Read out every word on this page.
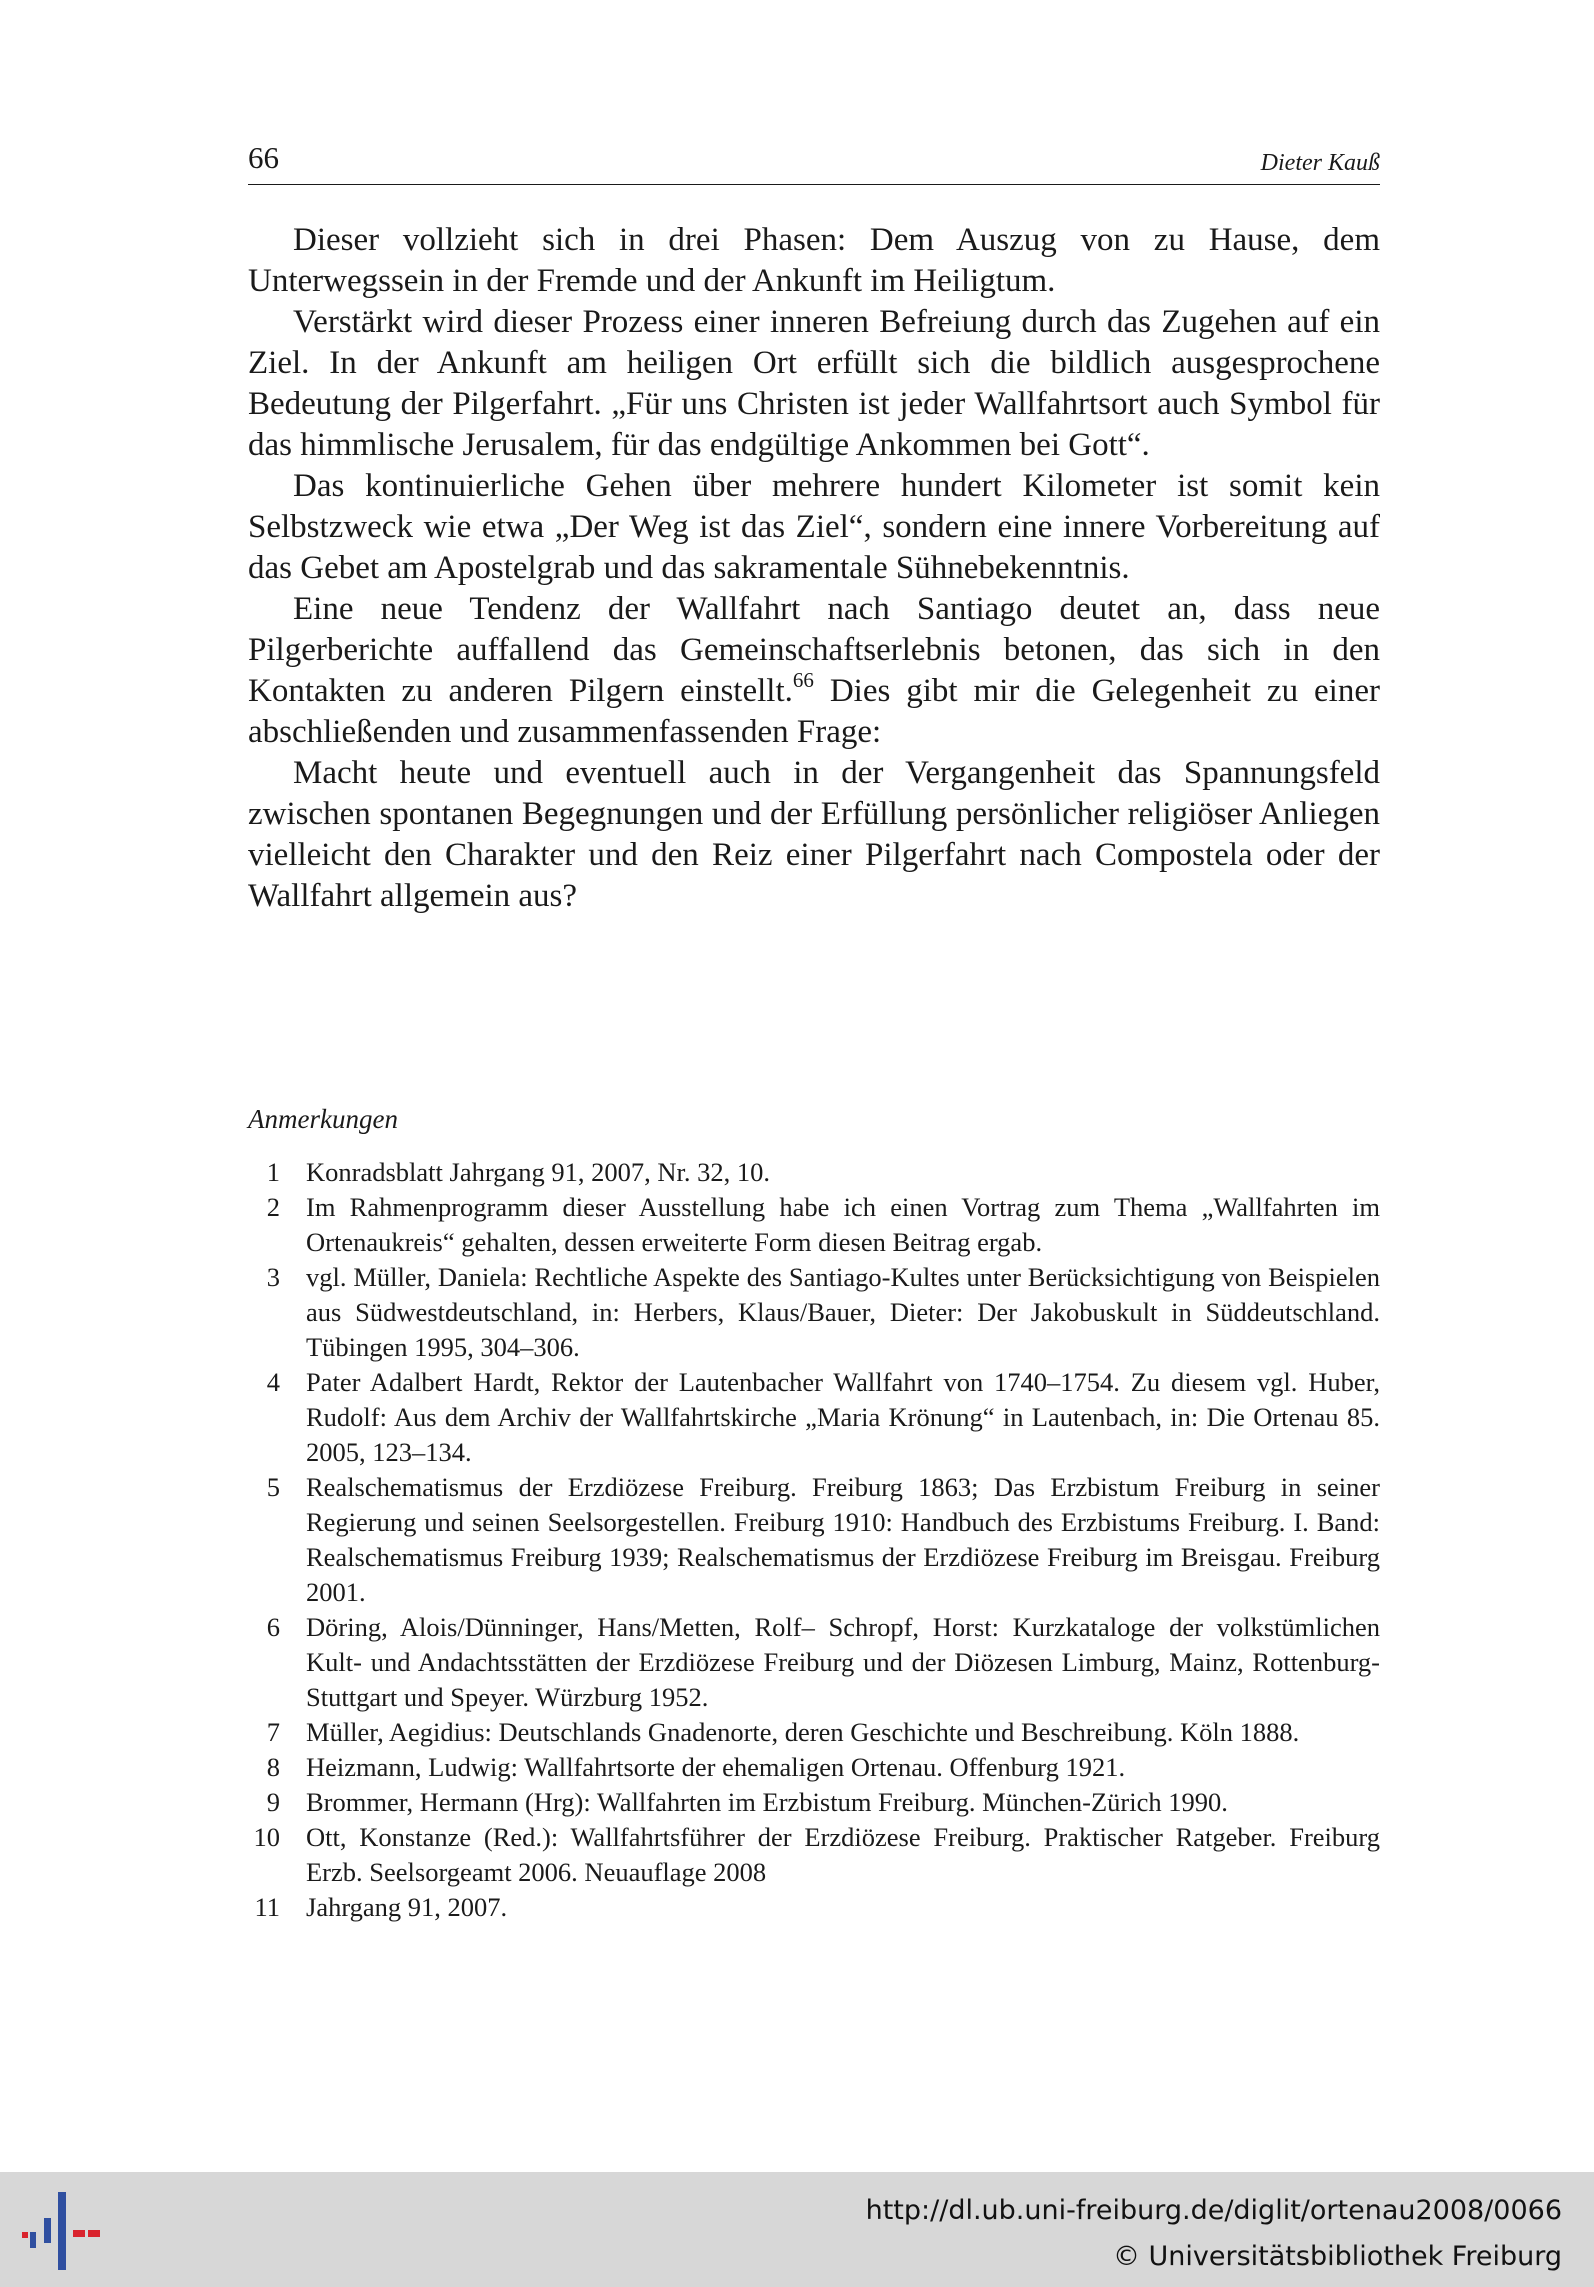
66	Dieter Kauß

Dieser vollzieht sich in drei Phasen: Dem Auszug von zu Hause, dem Unterwegssein in der Fremde und der Ankunft im Heiligtum.

Verstärkt wird dieser Prozess einer inneren Befreiung durch das Zugehen auf ein Ziel. In der Ankunft am heiligen Ort erfüllt sich die bildlich ausgesprochene Bedeutung der Pilgerfahrt. „Für uns Christen ist jeder Wallfahrtsort auch Symbol für das himmlische Jerusalem, für das endgültige Ankommen bei Gott“.

Das kontinuierliche Gehen über mehrere hundert Kilometer ist somit kein Selbstzweck wie etwa „Der Weg ist das Ziel“, sondern eine innere Vorbereitung auf das Gebet am Apostelgrab und das sakramentale Sühnebekenntnis.

Eine neue Tendenz der Wallfahrt nach Santiago deutet an, dass neue Pilgerberichte auffallend das Gemeinschaftserlebnis betonen, das sich in den Kontakten zu anderen Pilgern einstellt.$^{66}$ Dies gibt mir die Gelegenheit zu einer abschließenden und zusammenfassenden Frage:

Macht heute und eventuell auch in der Vergangenheit das Spannungsfeld zwischen spontanen Begegnungen und der Erfüllung persönlicher religiöser Anliegen vielleicht den Charakter und den Reiz einer Pilgerfahrt nach Compostela oder der Wallfahrt allgemein aus?

Anmerkungen
1 Konradsblatt Jahrgang 91, 2007, Nr. 32, 10.
2 Im Rahmenprogramm dieser Ausstellung habe ich einen Vortrag zum Thema „Wallfahrten im Ortenaukreis“ gehalten, dessen erweiterte Form diesen Beitrag ergab.
3 vgl. Müller, Daniela: Rechtliche Aspekte des Santiago-Kultes unter Berücksichtigung von Beispielen aus Südwestdeutschland, in: Herbers, Klaus/Bauer, Dieter: Der Jakobuskult in Süddeutschland. Tübingen 1995, 304–306.
4 Pater Adalbert Hardt, Rektor der Lautenbacher Wallfahrt von 1740–1754. Zu diesem vgl. Huber, Rudolf: Aus dem Archiv der Wallfahrtskirche „Maria Krönung“ in Lautenbach, in: Die Ortenau 85. 2005, 123–134.
5 Realschematismus der Erzdiözese Freiburg. Freiburg 1863; Das Erzbistum Freiburg in seiner Regierung und seinen Seelsorgestellen. Freiburg 1910: Handbuch des Erzbistums Freiburg. I. Band: Realschematismus Freiburg 1939; Realschematismus der Erzdiözese Freiburg im Breisgau. Freiburg 2001.
6 Döring, Alois/Dünninger, Hans/Metten, Rolf– Schropf, Horst: Kurzkataloge der volkstümlichen Kult- und Andachtsstätten der Erzdiözese Freiburg und der Diözesen Limburg, Mainz, Rottenburg-Stuttgart und Speyer. Würzburg 1952.
7 Müller, Aegidius: Deutschlands Gnadenorte, deren Geschichte und Beschreibung. Köln 1888.
8 Heizmann, Ludwig: Wallfahrtsorte der ehemaligen Ortenau. Offenburg 1921.
9 Brommer, Hermann (Hrg): Wallfahrten im Erzbistum Freiburg. München-Zürich 1990.
10 Ott, Konstanze (Red.): Wallfahrtsführer der Erzdiözese Freiburg. Praktischer Ratgeber. Freiburg Erzb. Seelsorgeamt 2006. Neuauflage 2008
11 Jahrgang 91, 2007.
http://dl.ub.uni-freiburg.de/diglit/ortenau2008/0066
© Universitätsbibliothek Freiburg
